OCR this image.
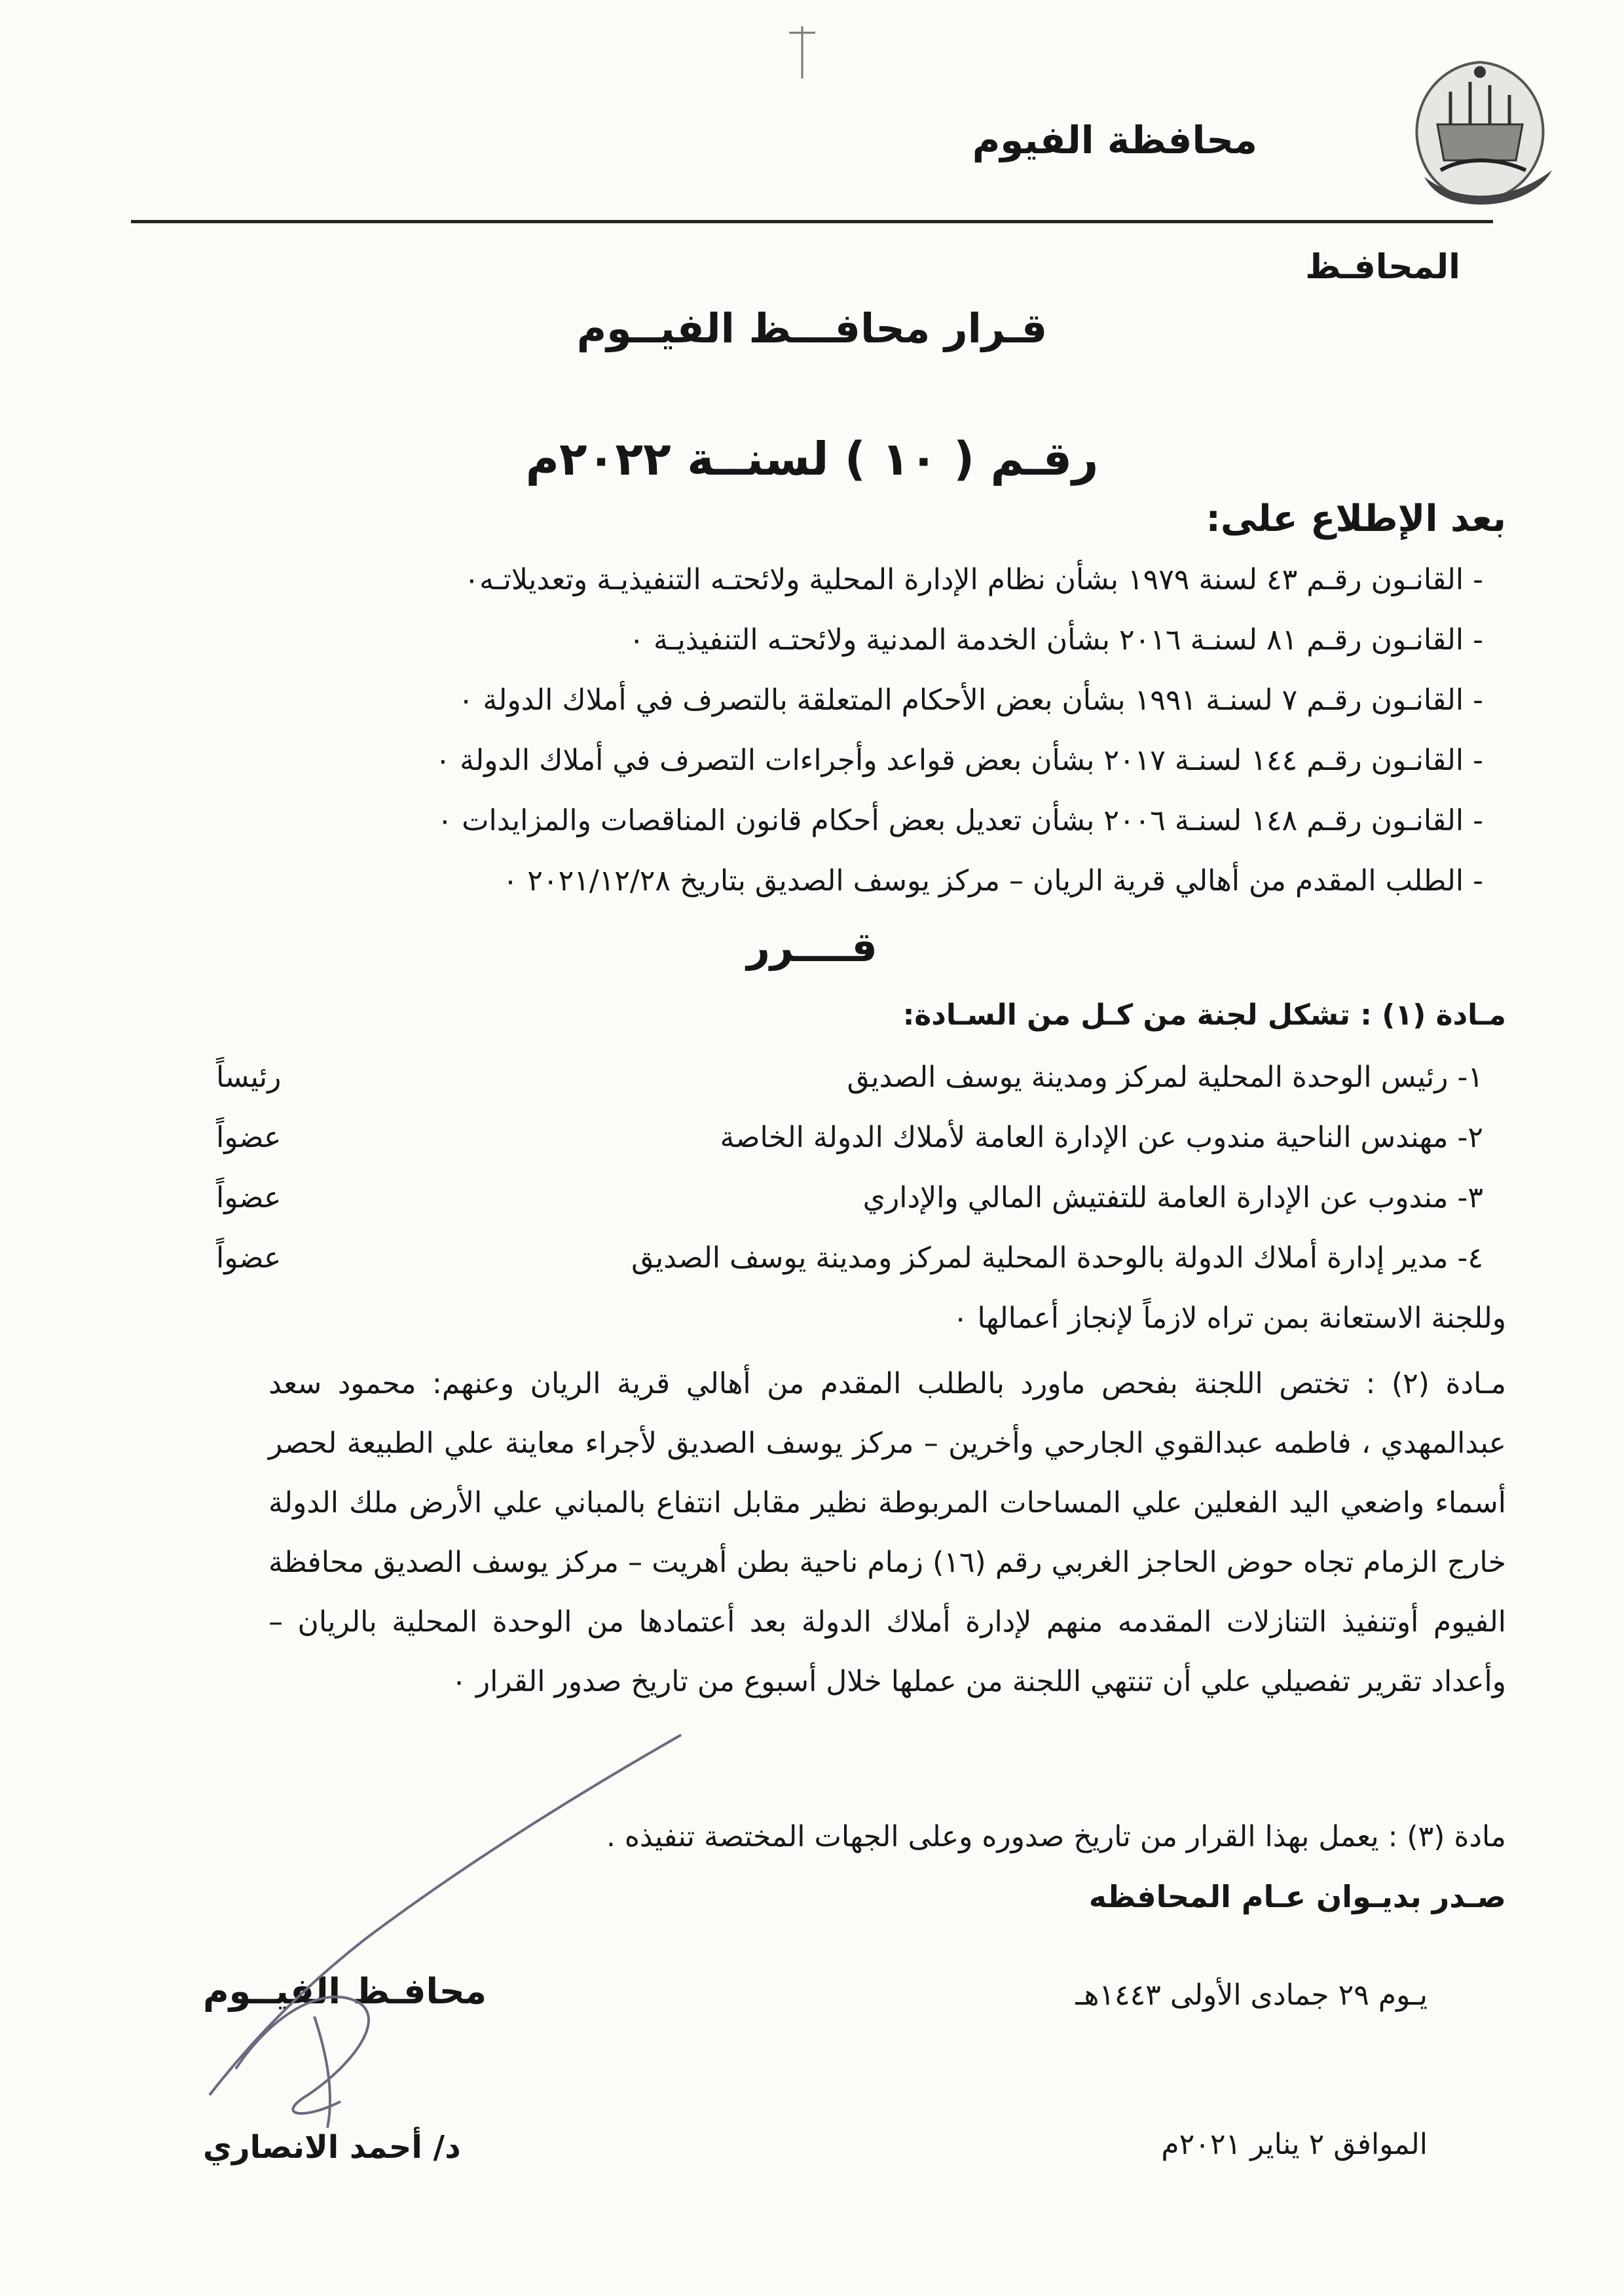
محافظة الفيوم
المحافـظ
قـرار محافـــظ الفيــوم
رقـم ( ١٠ ) لسنــة ٢٠٢٢م
بعد الإطلاع على:
- القانـون رقـم ٤٣ لسنة ١٩٧٩ بشأن نظام الإدارة المحلية ولائحتـه التنفيذيـة وتعديلاتـه٠
- القانـون رقـم ٨١ لسنـة ٢٠١٦ بشأن الخدمة المدنية ولائحتـه التنفيذيـة ٠
- القانـون رقـم ٧ لسنـة ١٩٩١ بشأن بعض الأحكام المتعلقة بالتصرف في أملاك الدولة ٠
- القانـون رقـم ١٤٤ لسنـة ٢٠١٧ بشأن بعض قواعد وأجراءات التصرف في أملاك الدولة ٠
- القانـون رقـم ١٤٨ لسنـة ٢٠٠٦ بشأن تعديل بعض أحكام قانون المناقصات والمزايدات ٠
- الطلب المقدم من أهالي قرية الريان – مركز يوسف الصديق بتاريخ ٢٠٢١/١٢/٢٨ ٠
قــــرر
مـادة (١) : تشكل لجنة من كـل من السـادة:
١- رئيس الوحدة المحلية لمركز ومدينة يوسف الصديق
رئيساً
٢- مهندس الناحية مندوب عن الإدارة العامة لأملاك الدولة الخاصة
عضواً
٣- مندوب عن الإدارة العامة للتفتيش المالي والإداري
عضواً
٤- مدير إدارة أملاك الدولة بالوحدة المحلية لمركز ومدينة يوسف الصديق
عضواً
وللجنة الاستعانة بمن تراه لازماً لإنجاز أعمالها ٠
مـادة (٢) : تختص اللجنة بفحص ماورد بالطلب المقدم من أهالي قرية الريان وعنهم: محمود سعد عبدالمهدي ، فاطمه عبدالقوي الجارحي وأخرين – مركز يوسف الصديق لأجراء معاينة علي الطبيعة لحصر أسماء واضعي اليد الفعلين علي المساحات المربوطة نظير مقابل انتفاع بالمباني علي الأرض ملك الدولة خارج الزمام تجاه حوض الحاجز الغربي رقم (١٦) زمام ناحية بطن أهريت – مركز يوسف الصديق محافظة الفيوم أوتنفيذ التنازلات المقدمه منهم لإدارة أملاك الدولة بعد أعتمادها من الوحدة المحلية بالريان – وأعداد تقرير تفصيلي علي أن تنتهي اللجنة من عملها خلال أسبوع من تاريخ صدور القرار ٠
مادة (٣) : يعمل بهذا القرار من تاريخ صدوره وعلى الجهات المختصة تنفيذه .
صـدر بديـوان عـام المحافظه
يـوم ٢٩ جمادى الأولى ١٤٤٣هـ
الموافق ٢ يناير ٢٠٢١م
محافـظ الفيــوم
د/ أحمد الانصاري
